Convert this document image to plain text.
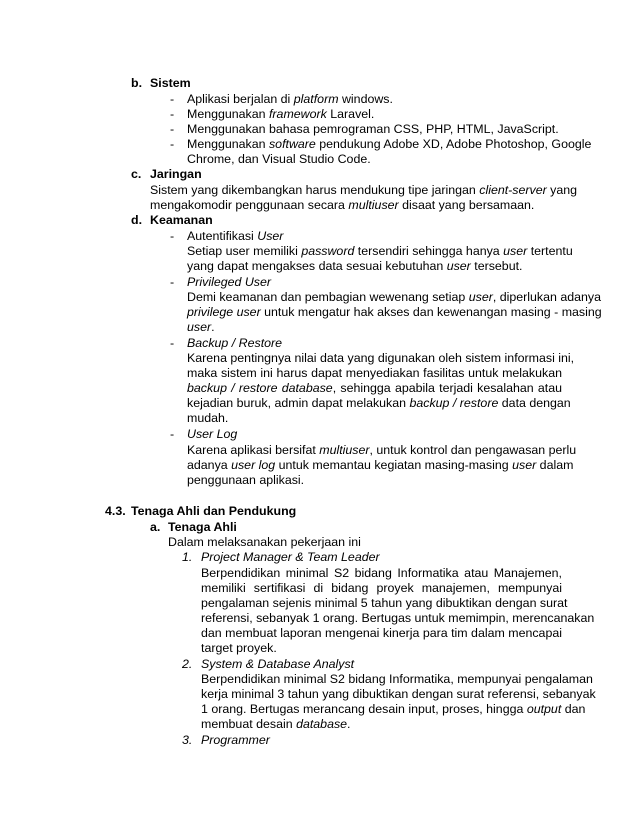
b. Sistem
- Aplikasi berjalan di platform windows.
- Menggunakan framework Laravel.
- Menggunakan bahasa pemrograman CSS, PHP, HTML, JavaScript.
- Menggunakan software pendukung Adobe XD, Adobe Photoshop, Google
Chrome, dan Visual Studio Code.
c. Jaringan
Sistem yang dikembangkan harus mendukung tipe jaringan client-server yang
mengakomodir penggunaan secara multiuser disaat yang bersamaan.
d. Keamanan
- Autentifikasi User
Setiap user memiliki password tersendiri sehingga hanya user tertentu
yang dapat mengakses data sesuai kebutuhan user tersebut.
- Privileged User
Demi keamanan dan pembagian wewenang setiap user, diperlukan adanya
privilege user untuk mengatur hak akses dan kewenangan masing - masing
user.
- Backup / Restore
Karena pentingnya nilai data yang digunakan oleh sistem informasi ini,
maka sistem ini harus dapat menyediakan fasilitas untuk melakukan
backup / restore database, sehingga apabila terjadi kesalahan atau
kejadian buruk, admin dapat melakukan backup / restore data dengan
mudah.
- User Log
Karena aplikasi bersifat multiuser, untuk kontrol dan pengawasan perlu
adanya user log untuk memantau kegiatan masing-masing user dalam
penggunaan aplikasi.
4.3. Tenaga Ahli dan Pendukung
a. Tenaga Ahli
Dalam melaksanakan pekerjaan ini
1. Project Manager & Team Leader
Berpendidikan minimal S2 bidang Informatika atau Manajemen,
memiliki sertifikasi di bidang proyek manajemen, mempunyai
pengalaman sejenis minimal 5 tahun yang dibuktikan dengan surat
referensi, sebanyak 1 orang. Bertugas untuk memimpin, merencanakan
dan membuat laporan mengenai kinerja para tim dalam mencapai
target proyek.
2. System & Database Analyst
Berpendidikan minimal S2 bidang Informatika, mempunyai pengalaman
kerja minimal 3 tahun yang dibuktikan dengan surat referensi, sebanyak
1 orang. Bertugas merancang desain input, proses, hingga output dan
membuat desain database.
3. Programmer
